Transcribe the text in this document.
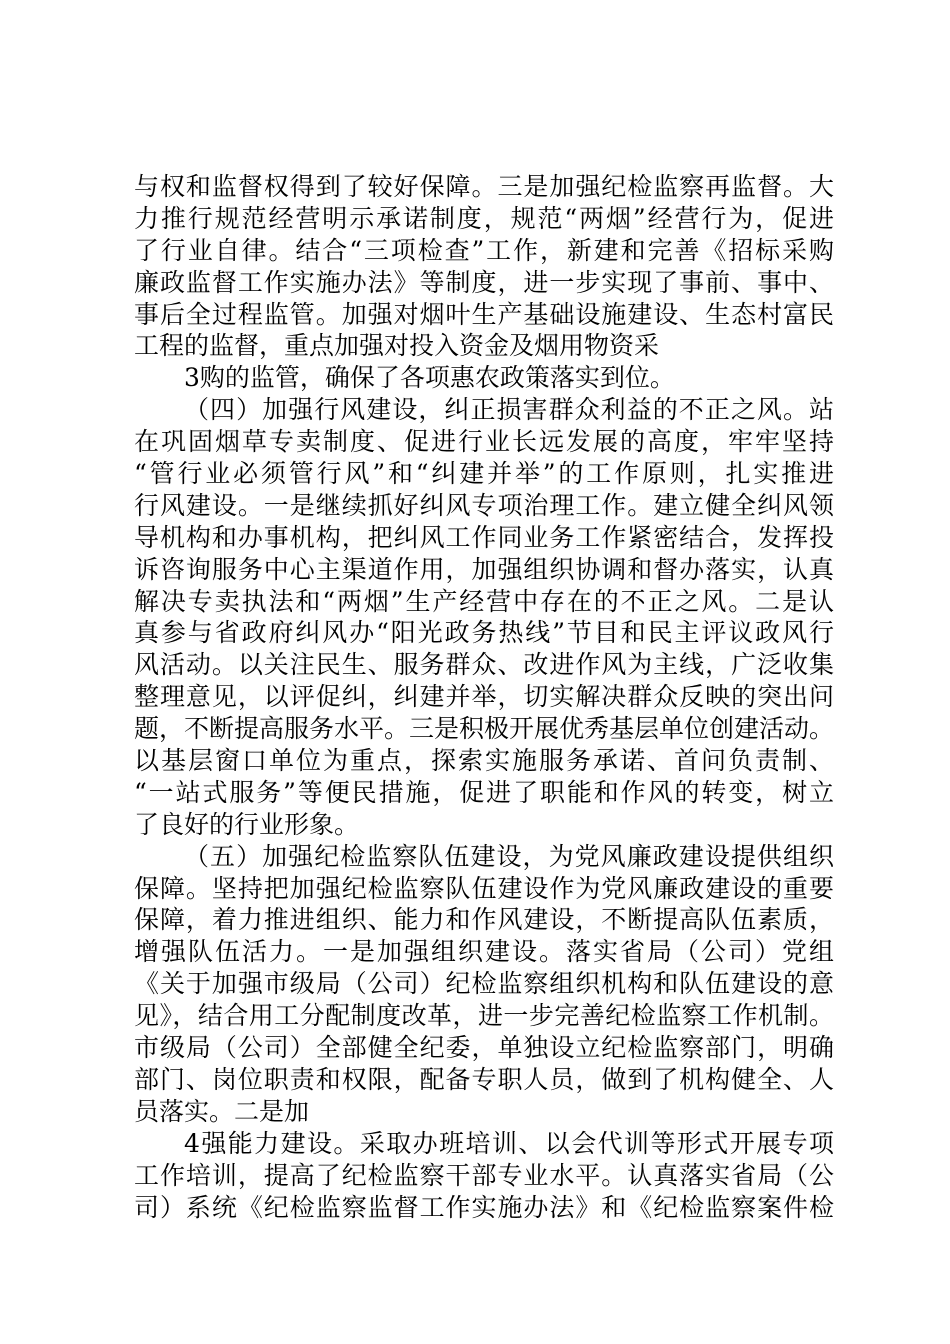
与权和监督权得到了较好保障。三是加强纪检监察再监督。大
力推行规范经营明示承诺制度，规范“两烟”经营行为，促进
了行业自律。结合“三项检查”工作，新建和完善《招标采购
廉政监督工作实施办法》等制度，进一步实现了事前、事中、
事后全过程监管。加强对烟叶生产基础设施建设、生态村富民
工程的监督，重点加强对投入资金及烟用物资采
3购的监管，确保了各项惠农政策落实到位。
（四）加强行风建设，纠正损害群众利益的不正之风。站
在巩固烟草专卖制度、促进行业长远发展的高度，牢牢坚持
“管行业必须管行风”和“纠建并举”的工作原则，扎实推进
行风建设。一是继续抓好纠风专项治理工作。建立健全纠风领
导机构和办事机构，把纠风工作同业务工作紧密结合，发挥投
诉咨询服务中心主渠道作用，加强组织协调和督办落实，认真
解决专卖执法和“两烟”生产经营中存在的不正之风。二是认
真参与省政府纠风办“阳光政务热线”节目和民主评议政风行
风活动。以关注民生、服务群众、改进作风为主线，广泛收集
整理意见，以评促纠，纠建并举，切实解决群众反映的突出问
题，不断提高服务水平。三是积极开展优秀基层单位创建活动。
以基层窗口单位为重点，探索实施服务承诺、首问负责制、
“一站式服务”等便民措施，促进了职能和作风的转变，树立
了良好的行业形象。
（五）加强纪检监察队伍建设，为党风廉政建设提供组织
保障。坚持把加强纪检监察队伍建设作为党风廉政建设的重要
保障，着力推进组织、能力和作风建设，不断提高队伍素质，
增强队伍活力。一是加强组织建设。落实省局（公司）党组
《关于加强市级局（公司）纪检监察组织机构和队伍建设的意
见》，结合用工分配制度改革，进一步完善纪检监察工作机制。
市级局（公司）全部健全纪委，单独设立纪检监察部门，明确
部门、岗位职责和权限，配备专职人员，做到了机构健全、人
员落实。二是加
4强能力建设。采取办班培训、以会代训等形式开展专项
工作培训，提高了纪检监察干部专业水平。认真落实省局（公
司）系统《纪检监察监督工作实施办法》和《纪检监察案件检
